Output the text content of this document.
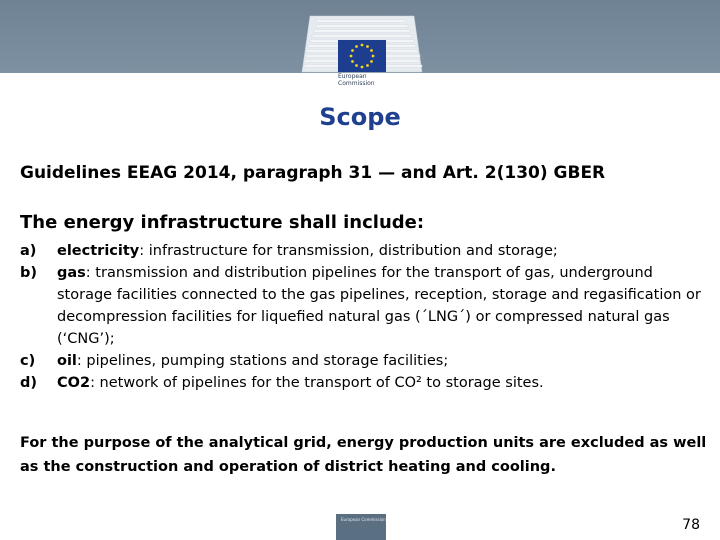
European
Commission
Scope
Guidelines EEAG 2014, paragraph 31 — and Art. 2(130) GBER
The energy infrastructure shall include:
a) electricity: infrastructure for transmission, distribution and storage;
b) gas: transmission and distribution pipelines for the transport of gas, underground storage facilities connected to the gas pipelines, reception, storage and regasification or decompression facilities for liquefied natural gas (´LNG´) or compressed natural gas (‘CNG’);
c) oil: pipelines, pumping stations and storage facilities;
d) CO2: network of pipelines for the transport of CO² to storage sites.
For the purpose of the analytical grid, energy production units are excluded as well as the construction and operation of district heating and cooling.
European Commission	78
